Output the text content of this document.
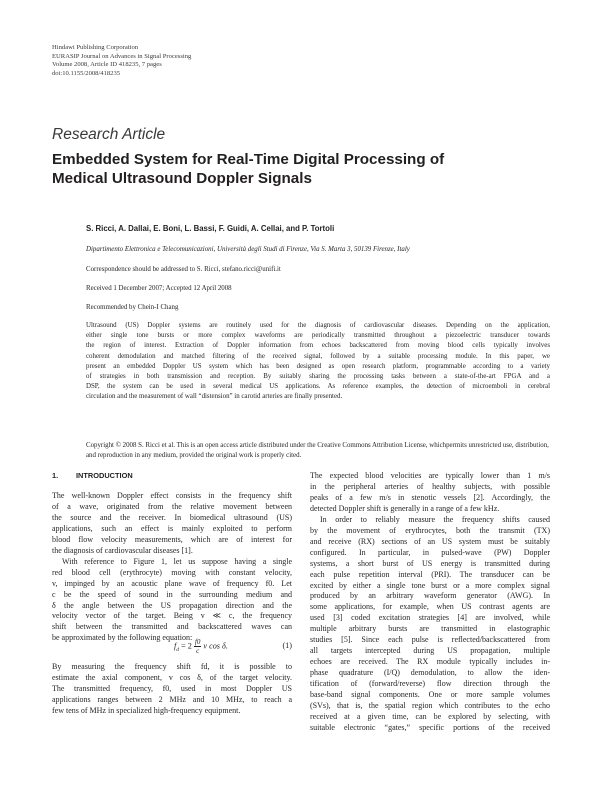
Hindawi Publishing Corporation
EURASIP Journal on Advances in Signal Processing
Volume 2008, Article ID 418235, 7 pages
doi:10.1155/2008/418235
Research Article
Embedded System for Real-Time Digital Processing of
Medical Ultrasound Doppler Signals
S. Ricci, A. Dallai, E. Boni, L. Bassi, F. Guidi, A. Cellai, and P. Tortoli
Dipartimento Elettronica e Telecomunicazioni, Università degli Studi di Firenze, Via S. Marta 3, 50139 Firenze, Italy
Correspondence should be addressed to S. Ricci, stefano.ricci@unifi.it
Received 1 December 2007; Accepted 12 April 2008
Recommended by Chein-I Chang
Ultrasound (US) Doppler systems are routinely used for the diagnosis of cardiovascular diseases. Depending on the application,
either single tone bursts or more complex waveforms are periodically transmitted throughout a piezoelectric transducer towards
the region of interest. Extraction of Doppler information from echoes backscattered from moving blood cells typically involves
coherent demodulation and matched filtering of the received signal, followed by a suitable processing module. In this paper, we
present an embedded Doppler US system which has been designed as open research platform, programmable according to a variety
of strategies in both transmission and reception. By suitably sharing the processing tasks between a state-of-the-art FPGA and a
DSP, the system can be used in several medical US applications. As reference examples, the detection of microemboli in cerebral
circulation and the measurement of wall “distension” in carotid arteries are finally presented.
Copyright © 2008 S. Ricci et al. This is an open access article distributed under the Creative Commons Attribution License, whichpermits unrestricted use, distribution, and reproduction in any medium, provided the original work is properly cited.
1. INTRODUCTION
The well-known Doppler effect consists in the frequency shift
of a wave, originated from the relative movement between
the source and the receiver. In biomedical ultrasound (US)
applications, such an effect is mainly exploited to perform
blood flow velocity measurements, which are of interest for
the diagnosis of cardiovascular diseases [1].
With reference to Figure 1, let us suppose having a single
red blood cell (erythrocyte) moving with constant velocity,
v, impinged by an acoustic plane wave of frequency f0. Let
c be the speed of sound in the surrounding medium and
δ the angle between the US propagation direction and the
velocity vector of the target. Being v ≪ c, the frequency
shift between the transmitted and backscattered waves can
be approximated by the following equation:
$f_d = 2 \frac{f0}{c}$ v cos δ.	(1)
By measuring the frequency shift fd, it is possible to
estimate the axial component, v cos δ, of the target velocity.
The transmitted frequency, f0, used in most Doppler US
applications ranges between 2 MHz and 10 MHz, to reach a
few tens of MHz in specialized high-frequency equipment.
The expected blood velocities are typically lower than 1 m/s
in the peripheral arteries of healthy subjects, with possible
peaks of a few m/s in stenotic vessels [2]. Accordingly, the
detected Doppler shift is generally in a range of a few kHz.
In order to reliably measure the frequency shifts caused
by the movement of erythrocytes, both the transmit (TX)
and receive (RX) sections of an US system must be suitably
configured. In particular, in pulsed-wave (PW) Doppler
systems, a short burst of US energy is transmitted during
each pulse repetition interval (PRI). The transducer can be
excited by either a single tone burst or a more complex signal
produced by an arbitrary waveform generator (AWG). In
some applications, for example, when US contrast agents are
used [3] coded excitation strategies [4] are involved, while
multiple arbitrary bursts are transmitted in elastographic
studies [5]. Since each pulse is reflected/backscattered from
all targets intercepted during US propagation, multiple
echoes are received. The RX module typically includes in-
phase quadrature (I/Q) demodulation, to allow the iden-
tification of (forward/reverse) flow direction through the
base-band signal components. One or more sample volumes
(SVs), that is, the spatial region which contributes to the echo
received at a given time, can be explored by selecting, with
suitable electronic “gates,” specific portions of the received
